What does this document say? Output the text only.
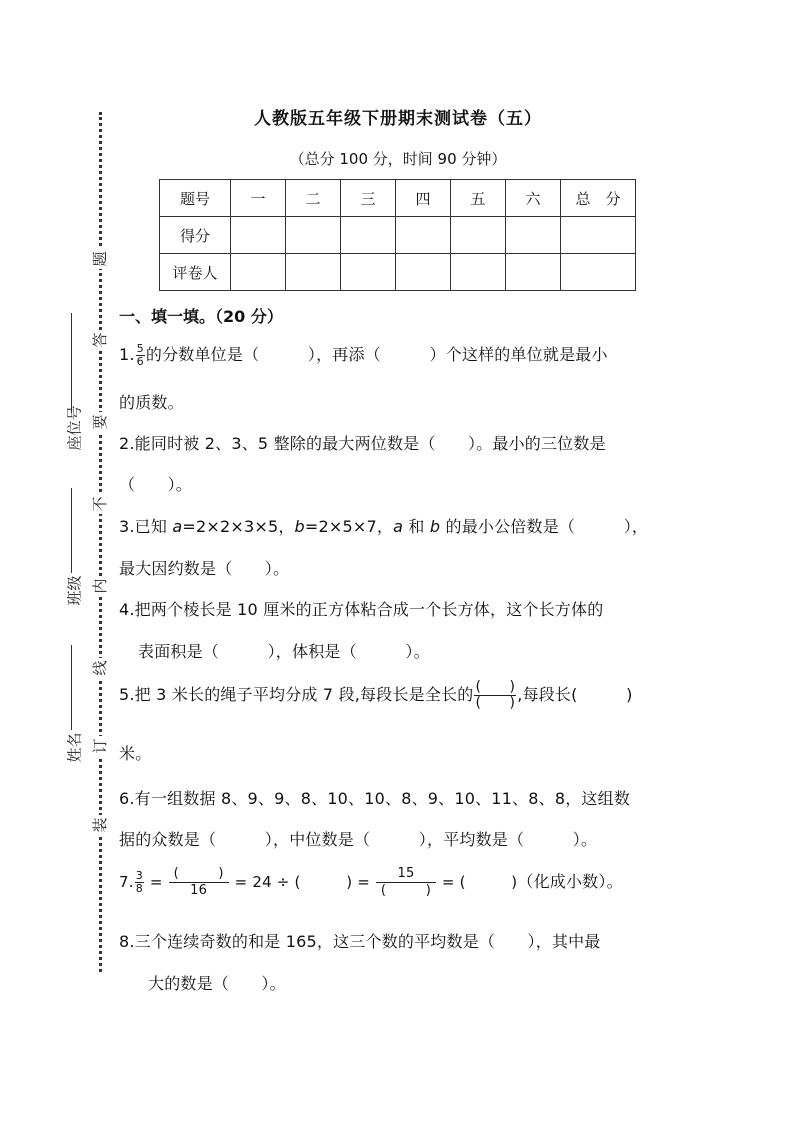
题
答
要
不
内
线
订
装
座位号
班级
姓名
人教版五年级下册期末测试卷（五）
（总分 100 分，时间 90 分钟）
题号	一	二	三	四	五	六	总　分
得分							
评卷人							
一、填一填。（20 分）
1. $\frac{5}{6}$ 的分数单位是（　　　），再添（　　　）个这样的单位就是最小
的质数。
2.能同时被 2、3、5 整除的最大两位数是（　　）。最小的三位数是
（　　）。
3.已知 a=2×2×3×5，b=2×5×7，a 和 b 的最小公倍数是（　　　），
最大因约数是（　　）。
4.把两个棱长是 10 厘米的正方体粘合成一个长方体，这个长方体的
表面积是（　　　），体积是（　　　）。
5.把 3 米长的绳子平均分成 7 段,每段长是全长的 $\frac{( )}{( )}$ ,每段长(　　　)
米。
6.有一组数据 8、9、9、8、10、10、8、9、10、11、8、8，这组数
据的众数是（　　　），中位数是（　　　），平均数是（　　　）。
7. $\frac{3}{8} = \frac{( )}{16} = 24$ ÷ (　　　) = $\frac{15}{( )}$ = (　　　)（化成小数）。
8.三个连续奇数的和是 165，这三个数的平均数是（　　），其中最
大的数是（　　）。
